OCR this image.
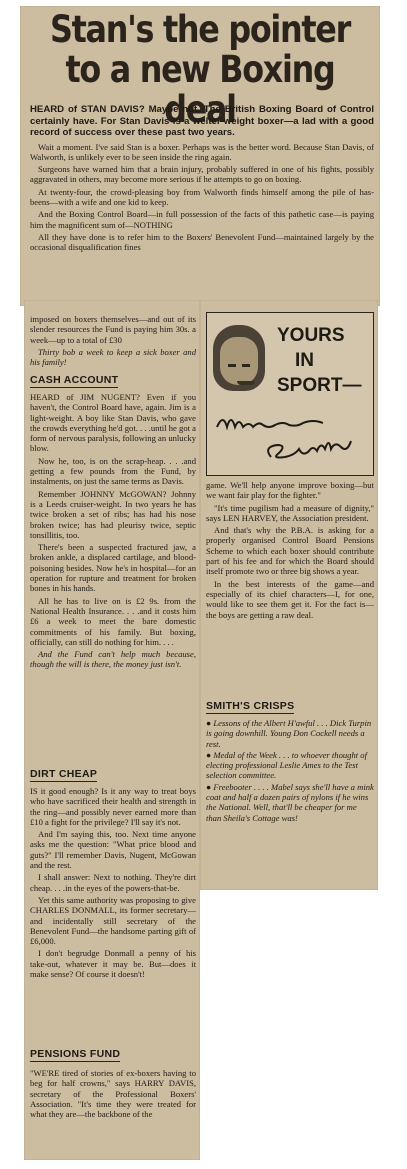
Stan's the pointer to a new Boxing deal

HEARD of STAN DAVIS? Maybe not. The British Boxing Board of Control certainly have. For Stan Davis is a welter-weight boxer—a lad with a good record of success over these past two years.

Wait a moment. I've said Stan is a boxer. Perhaps was is the better word. Because Stan Davis, of Walworth, is unlikely ever to be seen inside the ring again.

Surgeons have warned him that a brain injury, probably suffered in one of his fights, possibly aggravated in others, may become more serious if he attempts to go on boxing.

At twenty-four, the crowd-pleasing boy from Walworth finds himself among the pile of has-beens—with a wife and one kid to keep.

And the Boxing Control Board—in full possession of the facts of this pathetic case—is paying him the magnificent sum of—NOTHING

All they have done is to refer him to the Boxers' Benevolent Fund—maintained largely by the occasional disqualification fines

imposed on boxers themselves—and out of its slender resources the Fund is paying him 30s. a week—up to a total of £30

Thirty bob a week to keep a sick boxer and his family!

CASH ACCOUNT

HEARD of JIM NUGENT? Even if you haven't, the Control Board have, again. Jim is a light-weight. A boy like Stan Davis, who gave the crowds everything he'd got. . . .until he got a form of nervous paralysis, following an unlucky blow.

Now he, too, is on the scrap-heap. . . .and getting a few pounds from the Fund, by instalments, on just the same terms as Davis.

Remember JOHNNY McGOWAN? Johnny is a Leeds cruiser-weight. In two years he has twice broken a set of ribs; has had his nose broken twice; has had pleurisy twice, septic tonsillitis, too.

There's been a suspected fractured jaw, a broken ankle, a displaced cartilage, and blood-poisoning besides. Now he's in hospital—for an operation for rupture and treatment for broken bones in his hands.

All he has to live on is £2 9s. from the National Health Insurance. . . .and it costs him £6 a week to meet the bare domestic commitments of his family. But boxing, officially, can still do nothing for him. . . .

And the Fund can't help much because, though the will is there, the money just isn't.

DIRT CHEAP

IS it good enough? Is it any way to treat boys who have sacrificed their health and strength in the ring—and possibly never earned more than £10 a fight for the privilege? I'll say it's not.

And I'm saying this, too. Next time anyone asks me the question: "What price blood and guts?" I'll remember Davis, Nugent, McGowan and the rest.

I shall answer: Next to nothing. They're dirt cheap. . . .in the eyes of the powers-that-be.

Yet this same authority was proposing to give CHARLES DONMALL, its former secretary—and incidentally still secretary of the Benevolent Fund—the handsome parting gift of £6,000.

I don't begrudge Donmall a penny of his take-out, whatever it may be. But—does it make sense? Of course it doesn't!

PENSIONS FUND

"WE'RE tired of stories of ex-boxers having to beg for half crowns," says HARRY DAVIS, secretary of the Professional Boxers' Association. "It's time they were treated for what they are—the backbone of the

YOURS
IN
SPORT—

game. We'll help anyone improve boxing—but we want fair play for the fighter."

"It's time pugilism had a measure of dignity," says LEN HARVEY, the Association president.

And that's why the P.B.A. is asking for a properly organised Control Board Pensions Scheme to which each boxer should contribute part of his fee and for which the Board should itself promote two or three big shows a year.

In the best interests of the game—and especially of its chief characters—I, for one, would like to see them get it. For the fact is—the boys are getting a raw deal.

SMITH'S CRISPS

● Lessons of the Albert H'awful . . . Dick Turpin is going downhill. Young Don Cockell needs a rest.

● Medal of the Week . . . to whoever thought of electing professional Leslie Ames to the Test selection committee.

● Freebooter . . . . Mabel says she'll have a mink coat and half a dozen pairs of nylons if he wins the National. Well, that'll be cheaper for me than Sheila's Cottage was!
